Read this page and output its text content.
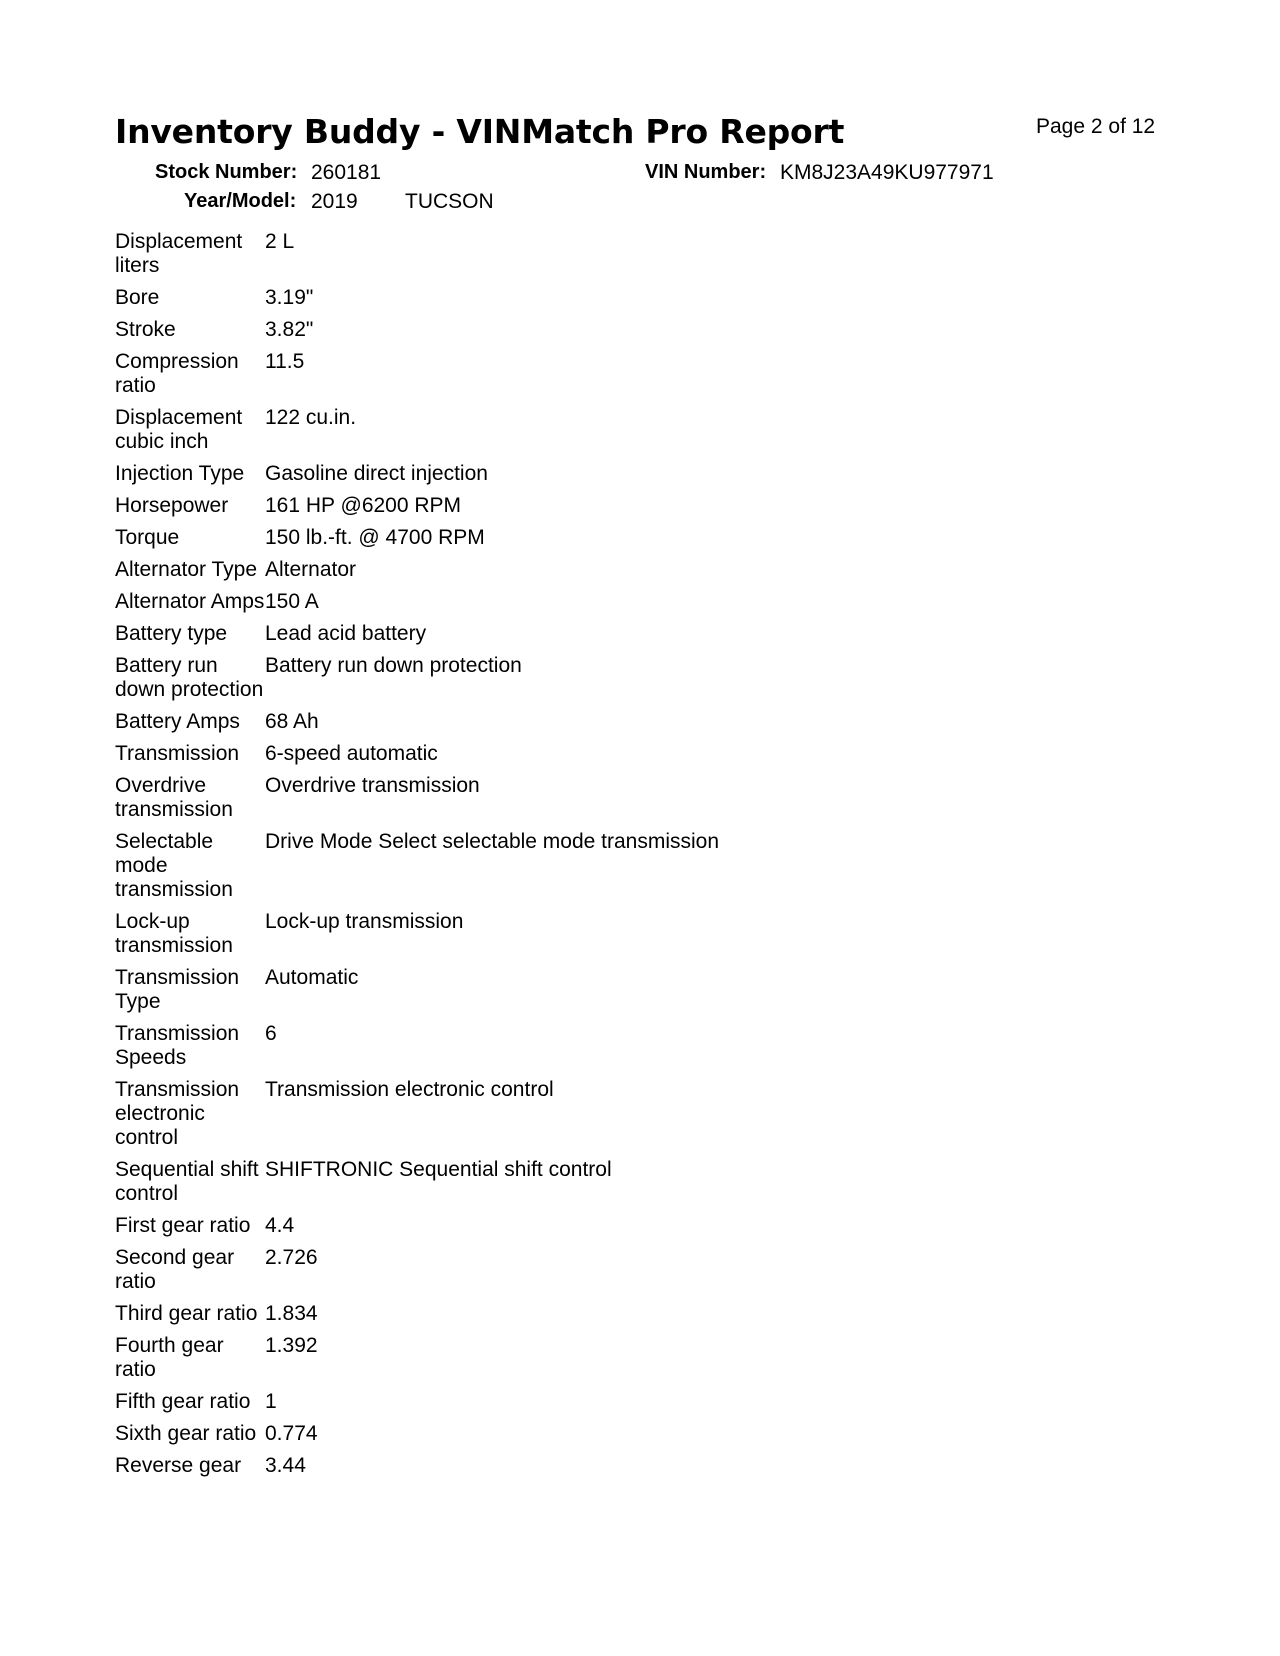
Inventory Buddy - VINMatch Pro Report	Page 2 of 12
Stock Number: 260181	VIN Number: KM8J23A49KU977971
Year/Model: 2019 TUCSON
Displacement liters	2 L
Bore	3.19"
Stroke	3.82"
Compression ratio	11.5
Displacement cubic inch	122 cu.in.
Injection Type	Gasoline direct injection
Horsepower	161 HP @6200 RPM
Torque	150 lb.-ft. @ 4700 RPM
Alternator Type	Alternator
Alternator Amps	150 A
Battery type	Lead acid battery
Battery run down protection	Battery run down protection
Battery Amps	68 Ah
Transmission	6-speed automatic
Overdrive transmission	Overdrive transmission
Selectable mode transmission	Drive Mode Select selectable mode transmission
Lock-up transmission	Lock-up transmission
Transmission Type	Automatic
Transmission Speeds	6
Transmission electronic control	Transmission electronic control
Sequential shift control	SHIFTRONIC Sequential shift control
First gear ratio	4.4
Second gear ratio	2.726
Third gear ratio	1.834
Fourth gear ratio	1.392
Fifth gear ratio	1
Sixth gear ratio	0.774
Reverse gear	3.44
